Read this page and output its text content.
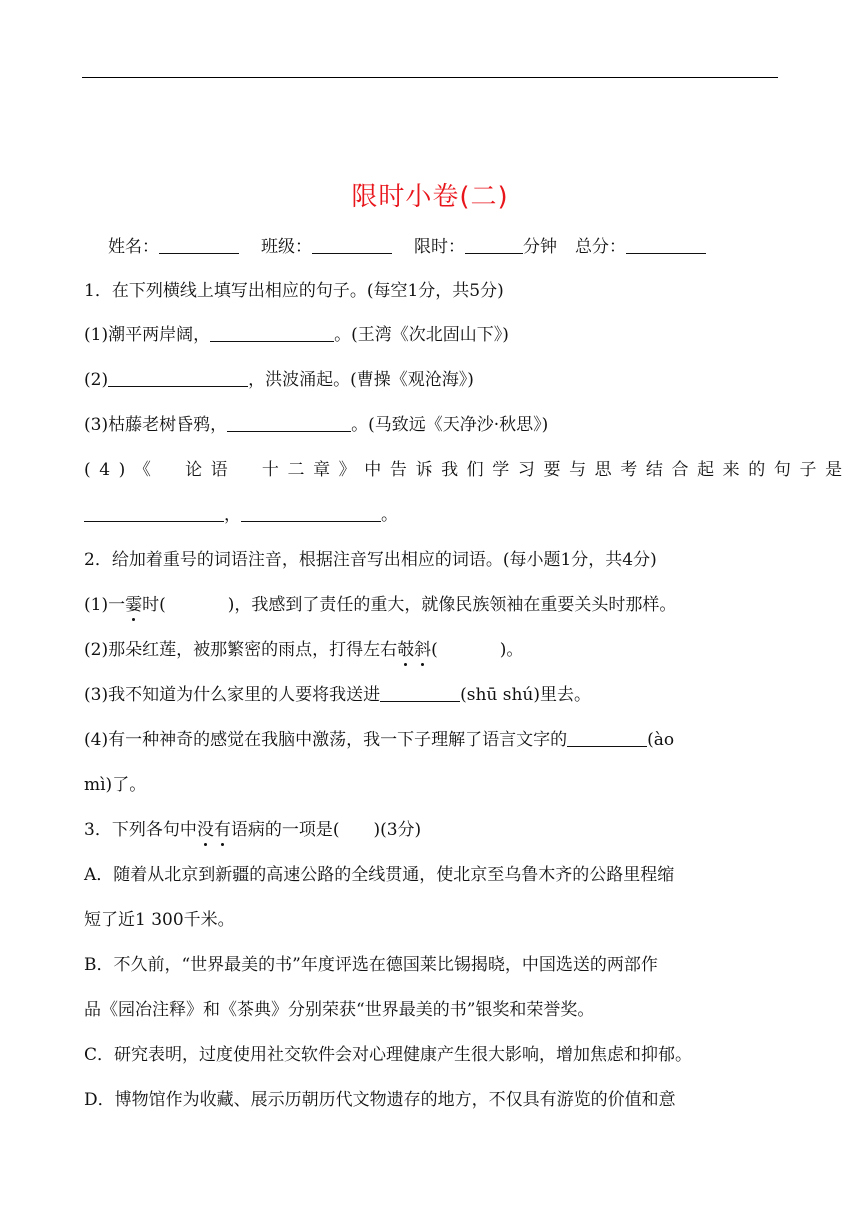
限时小卷(二)
姓名：	班级：	限时：	分钟 总分：
1．在下列横线上填写出相应的句子。(每空1分，共5分)
(1)潮平两岸阔，	。(王湾《次北固山下》)
(2)	，洪波涌起。(曹操《观沧海》)
(3)枯藤老树昏鸦，	。(马致远《天净沙·秋思》)
(4)《　论语　十二章》中告诉我们学习要与思考结合起来的句子是
，	。
2．给加着重号的词语注音，根据注音写出相应的词语。(每小题1分，共4分)
(1)一霎时(	)，我感到了责任的重大，就像民族领袖在重要关头时那样。
(2)那朵红莲，被那繁密的雨点，打得左右攲斜(	)。
(3)我不知道为什么家里的人要将我送进	(shū shú)里去。
(4)有一种神奇的感觉在我脑中激荡，我一下子理解了语言文字的	(ào
mì)了。
3．下列各句中没有语病的一项是(　　)(3分)
A．随着从北京到新疆的高速公路的全线贯通，使北京至乌鲁木齐的公路里程缩
短了近1 300千米。
B．不久前，“世界最美的书”年度评选在德国莱比锡揭晓，中国选送的两部作
品《园冶注释》和《茶典》分别荣获“世界最美的书”银奖和荣誉奖。
C．研究表明，过度使用社交软件会对心理健康产生很大影响，增加焦虑和抑郁。
D．博物馆作为收藏、展示历朝历代文物遗存的地方，不仅具有游览的价值和意
